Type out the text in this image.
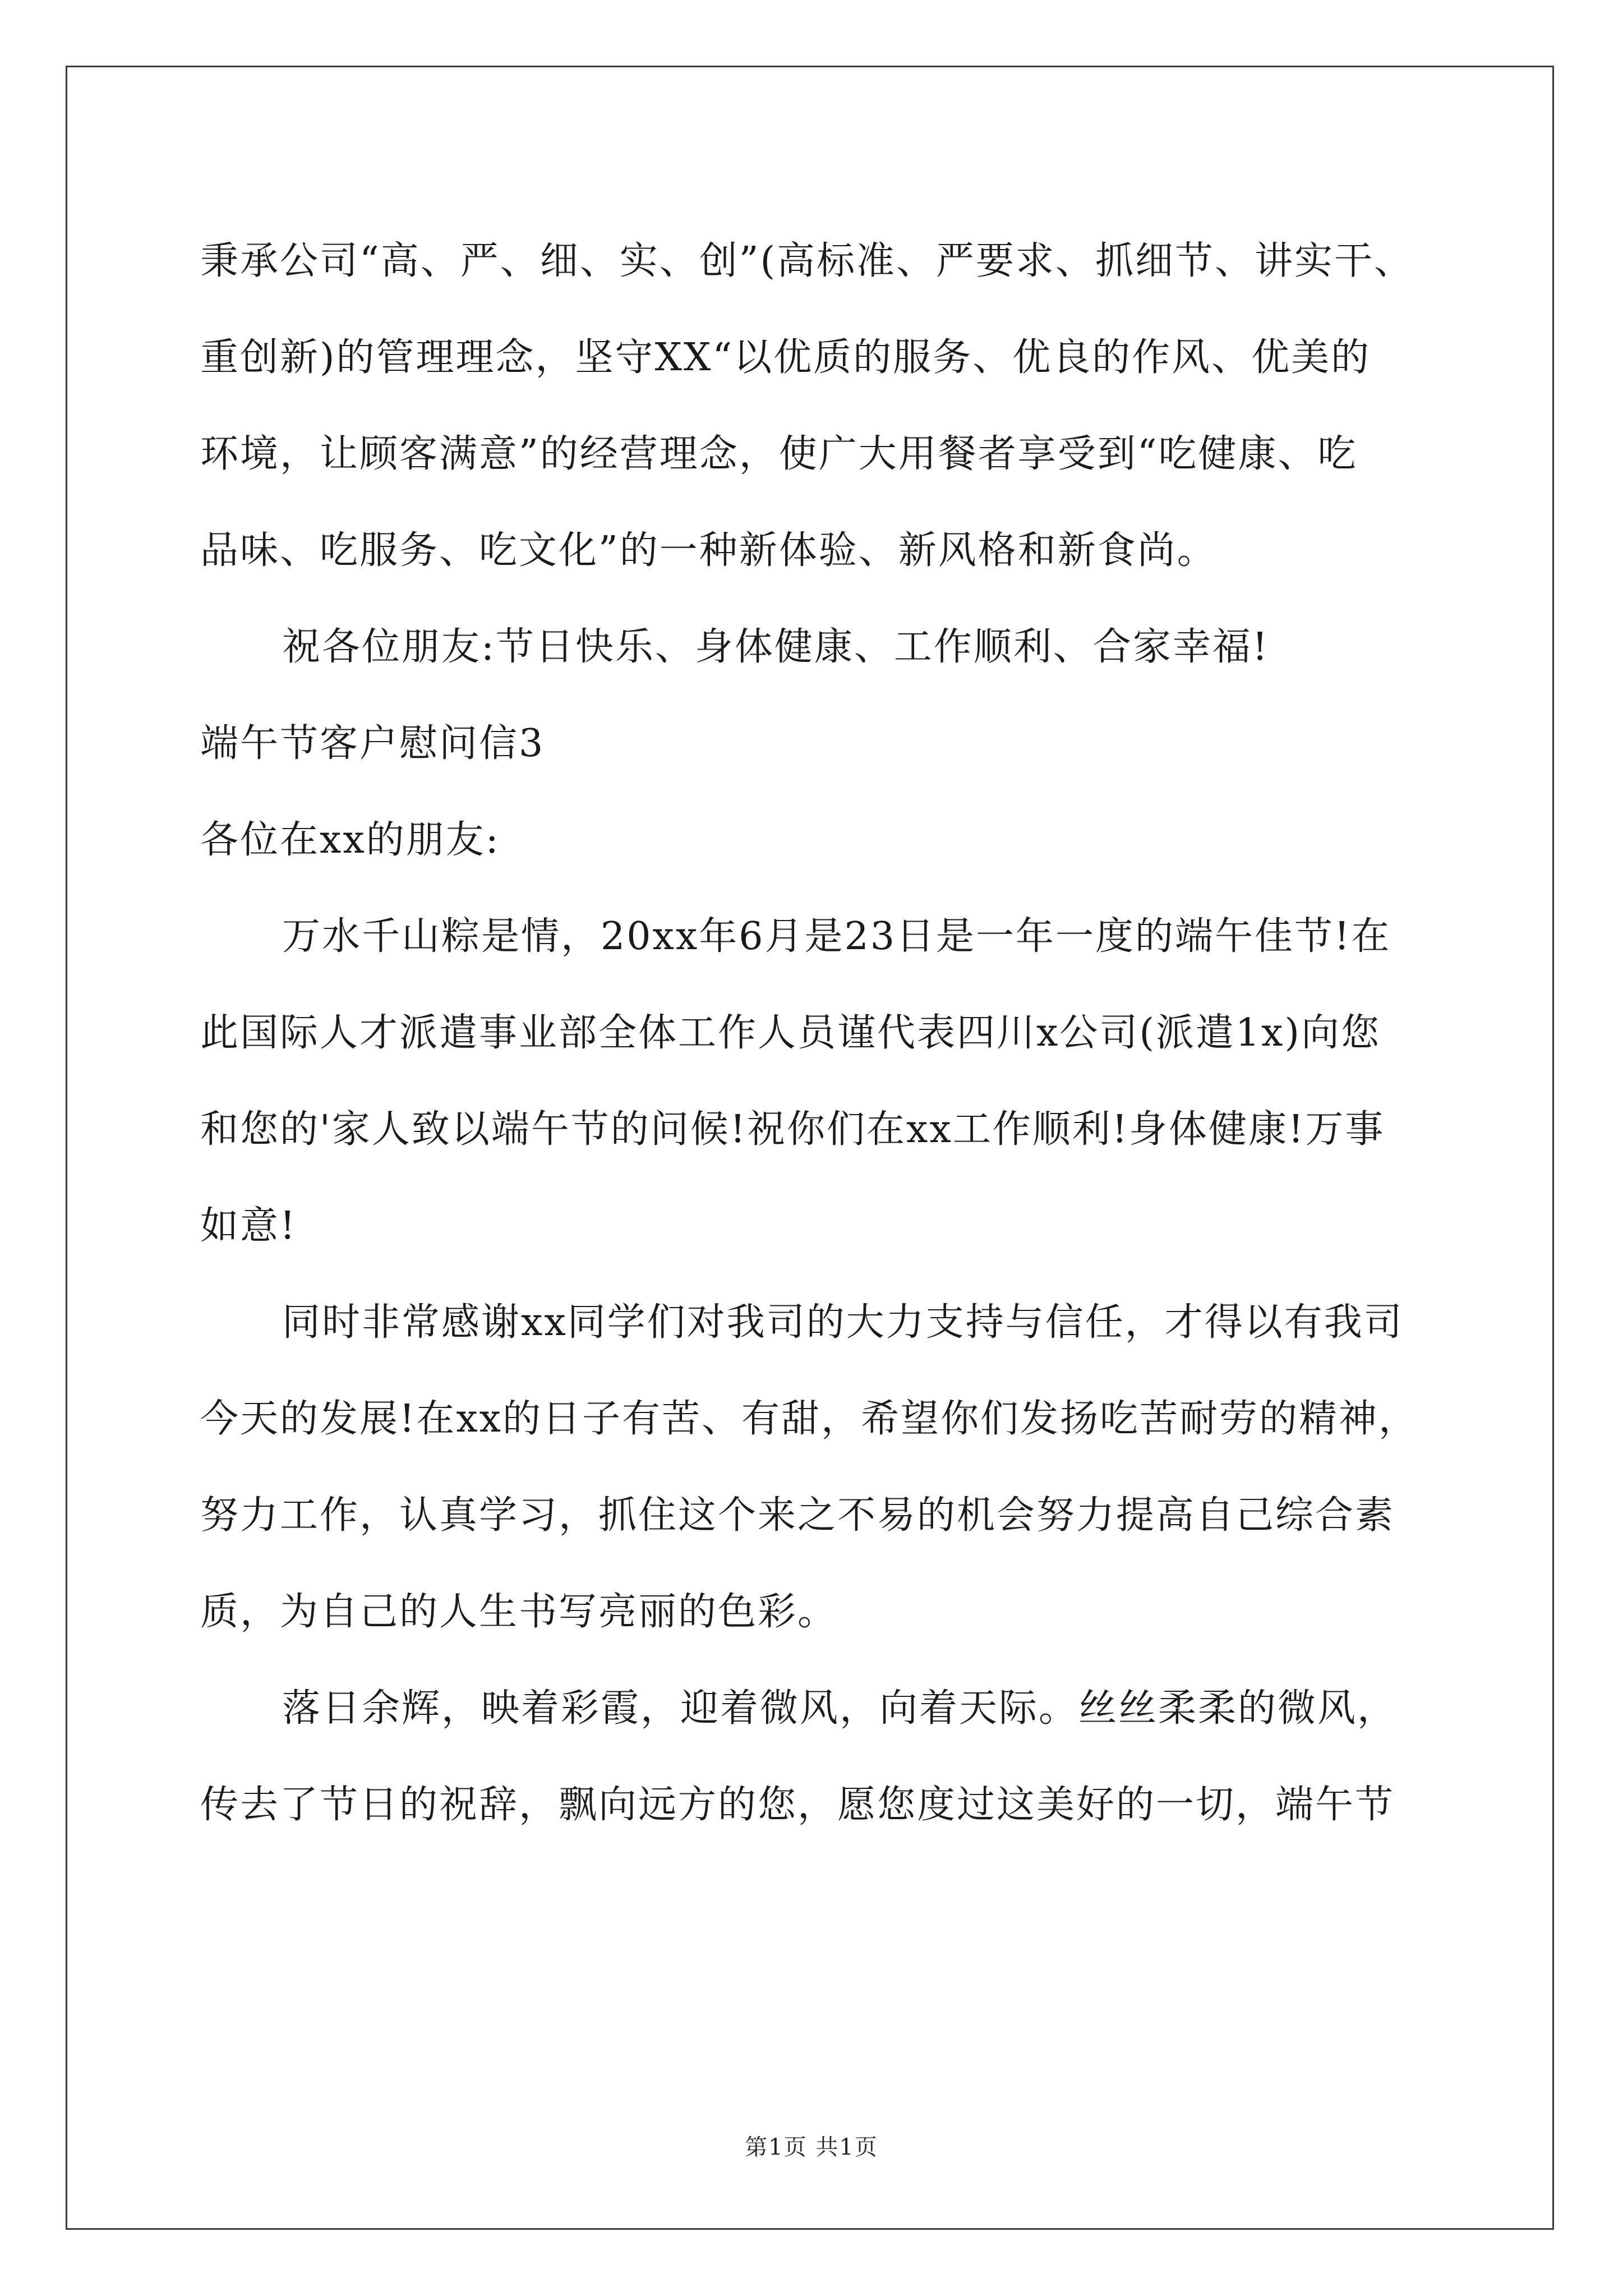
秉承公司“高、严、细、实、创”(高标准、严要求、抓细节、讲实干、
重创新)的管理理念，坚守XX“以优质的服务、优良的作风、优美的
环境，让顾客满意”的经营理念，使广大用餐者享受到“吃健康、吃
品味、吃服务、吃文化”的一种新体验、新风格和新食尚。
祝各位朋友:节日快乐、身体健康、工作顺利、合家幸福!
端午节客户慰问信3
各位在xx的朋友:
万水千山粽是情，20xx年6月是23日是一年一度的端午佳节!在
此国际人才派遣事业部全体工作人员谨代表四川x公司(派遣1x)向您
和您的'家人致以端午节的问候!祝你们在xx工作顺利!身体健康!万事
如意!
同时非常感谢xx同学们对我司的大力支持与信任，才得以有我司
今天的发展!在xx的日子有苦、有甜，希望你们发扬吃苦耐劳的精神，
努力工作，认真学习，抓住这个来之不易的机会努力提高自己综合素
质，为自己的人生书写亮丽的色彩。
落日余辉，映着彩霞，迎着微风，向着天际。丝丝柔柔的微风，
传去了节日的祝辞，飘向远方的您，愿您度过这美好的一切，端午节
第1页 共1页
